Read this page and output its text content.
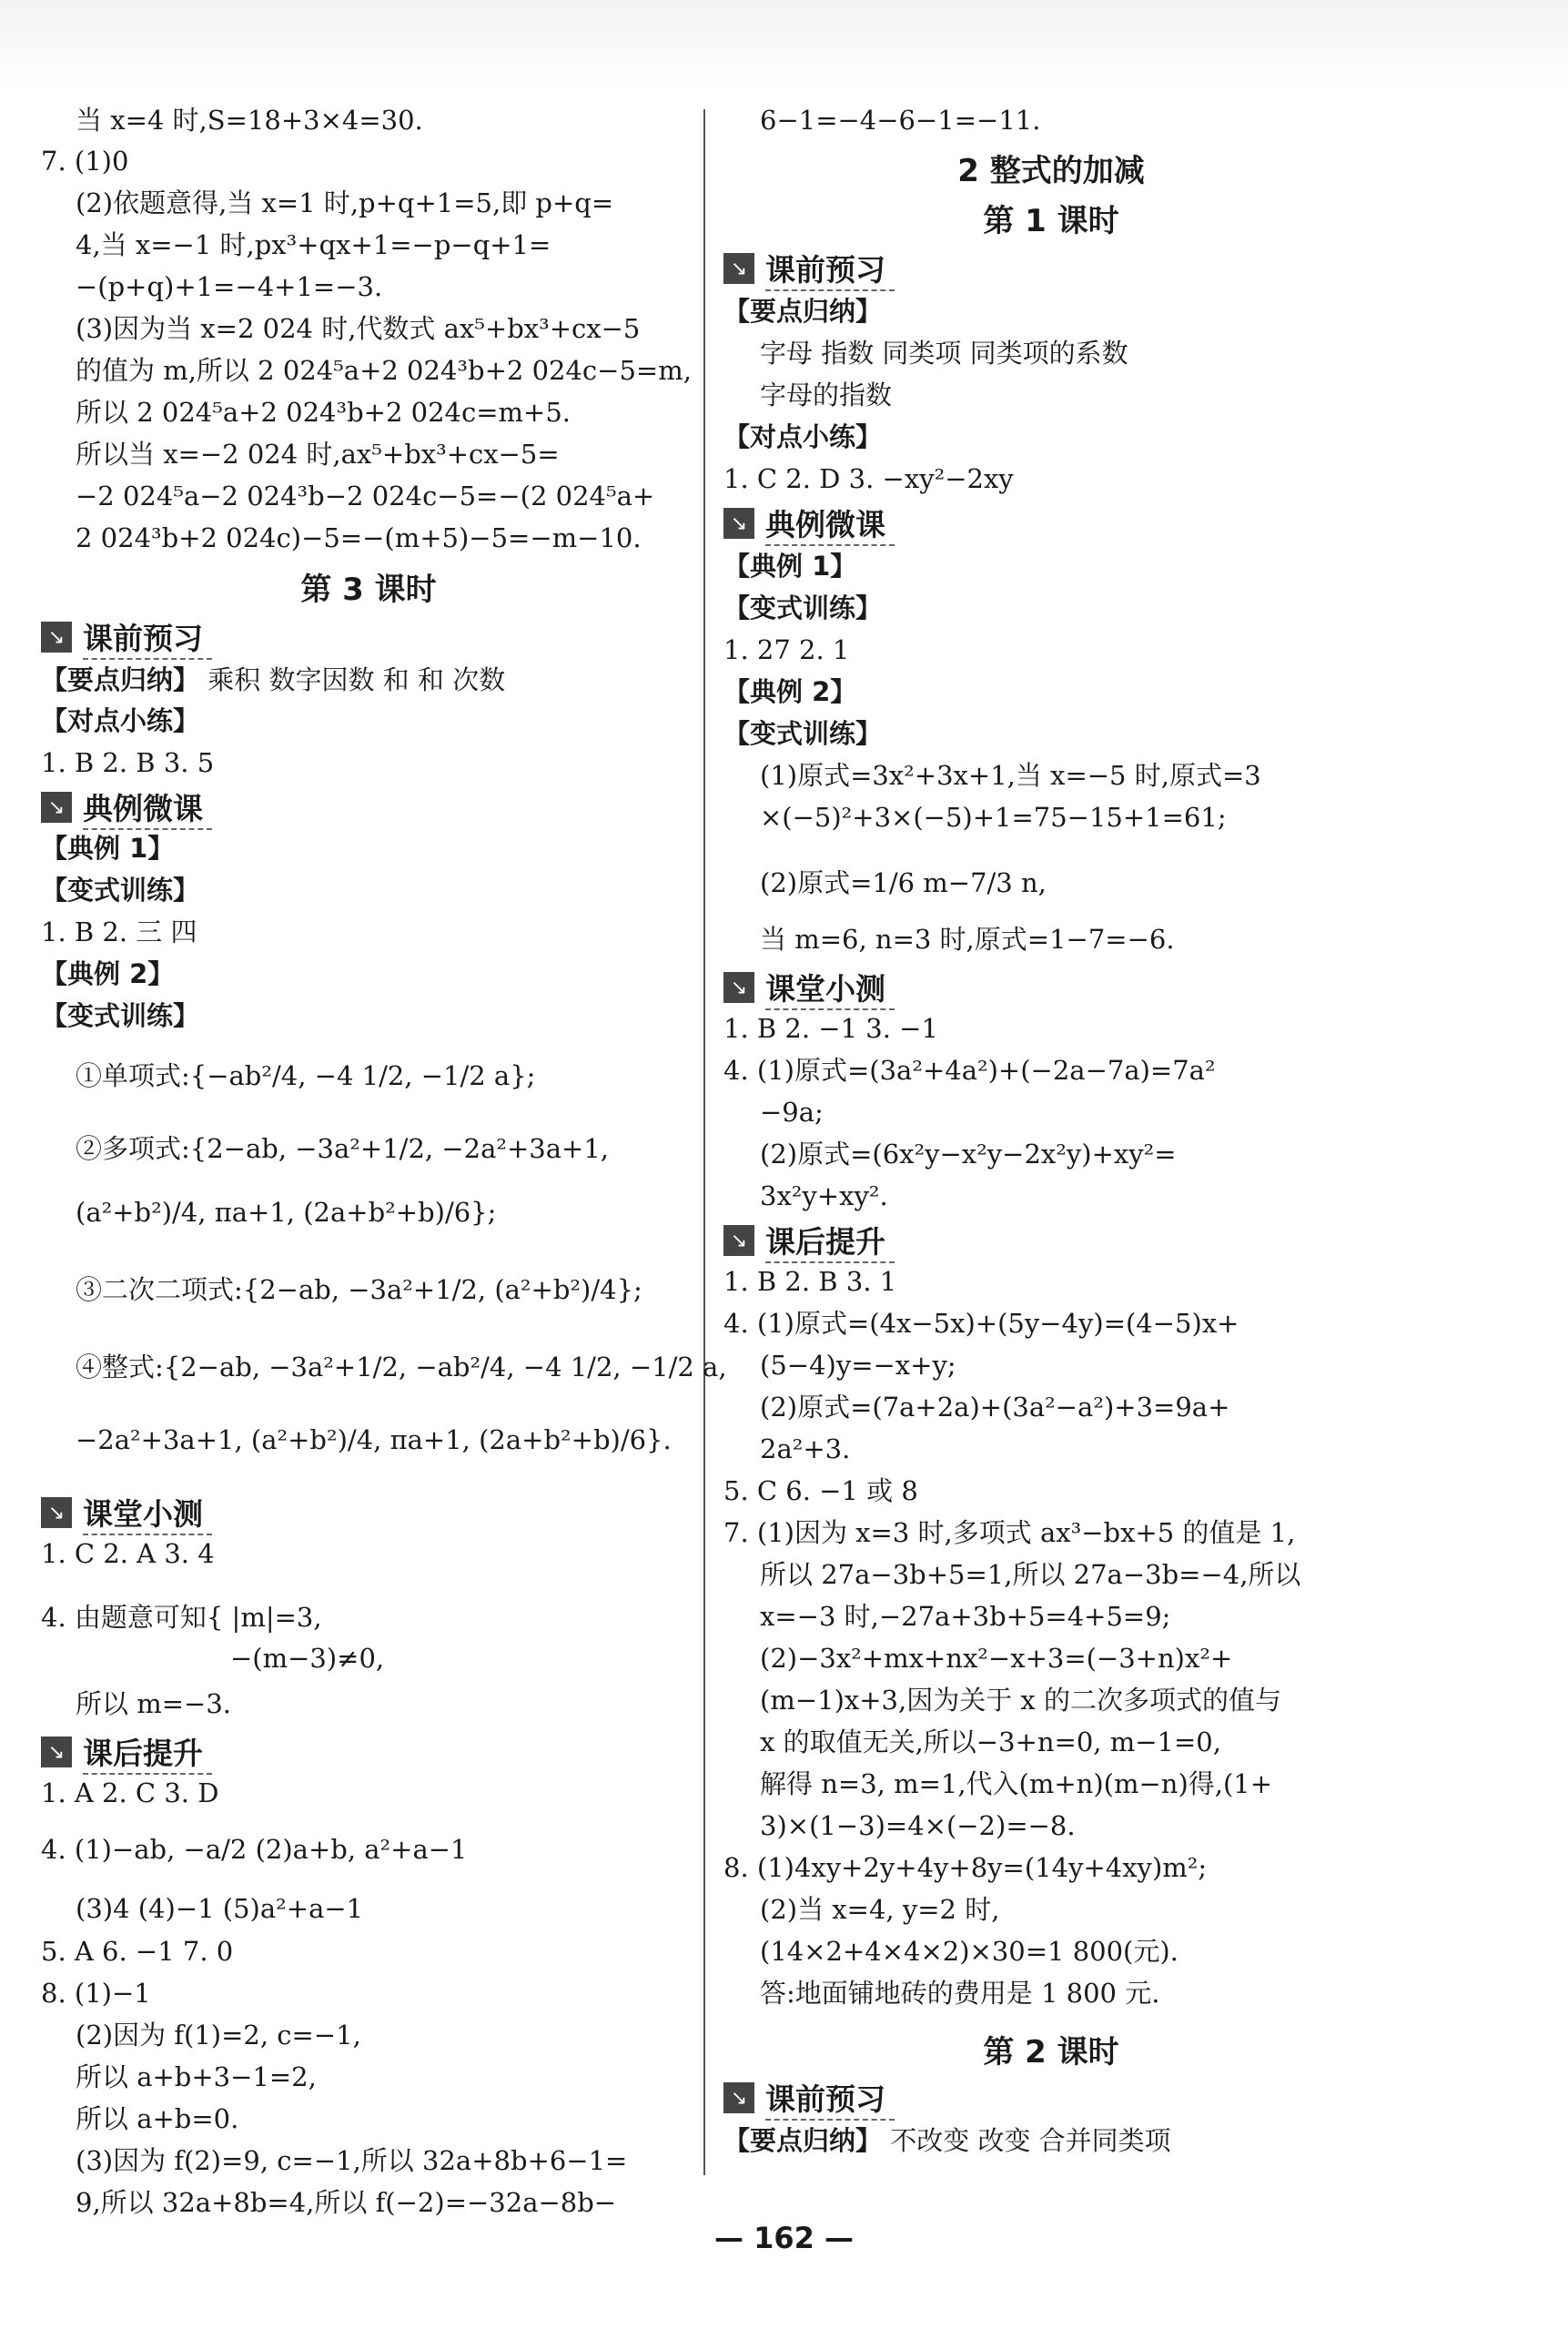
当 x=4 时,S=18+3×4=30.
7. (1)0
(2)依题意得,当 x=1 时,p+q+1=5,即 p+q=
4,当 x=−1 时,px³+qx+1=−p−q+1=
−(p+q)+1=−4+1=−3.
(3)因为当 x=2 024 时,代数式 ax⁵+bx³+cx−5
的值为 m,所以 2 024⁵a+2 024³b+2 024c−5=m,
所以 2 024⁵a+2 024³b+2 024c=m+5.
所以当 x=−2 024 时,ax⁵+bx³+cx−5=
−2 024⁵a−2 024³b−2 024c−5=−(2 024⁵a+
2 024³b+2 024c)−5=−(m+5)−5=−m−10.
第 3 课时
↘ 课前预习
【要点归纳】 乘积 数字因数 和 和 次数
【对点小练】
1. B 2. B 3. 5
↘ 典例微课
【典例 1】
【变式训练】
1. B 2. 三 四
【典例 2】
【变式训练】
①单项式:{−ab²/4, −4 1/2, −1/2 a};
②多项式:{2−ab, −3a²+1/2, −2a²+3a+1,
(a²+b²)/4, πa+1, (2a+b²+b)/6};
③二次二项式:{2−ab, −3a²+1/2, (a²+b²)/4};
④整式:{2−ab, −3a²+1/2, −ab²/4, −4 1/2, −1/2 a,
−2a²+3a+1, (a²+b²)/4, πa+1, (2a+b²+b)/6}.
↘ 课堂小测
1. C 2. A 3. 4
4. 由题意可知{ |m|=3,
−(m−3)≠0,
所以 m=−3.
↘ 课后提升
1. A 2. C 3. D
4. (1)−ab, −a/2 (2)a+b, a²+a−1
(3)4 (4)−1 (5)a²+a−1
5. A 6. −1 7. 0
8. (1)−1
(2)因为 f(1)=2, c=−1,
所以 a+b+3−1=2,
所以 a+b=0.
(3)因为 f(2)=9, c=−1,所以 32a+8b+6−1=
9,所以 32a+8b=4,所以 f(−2)=−32a−8b−
6−1=−4−6−1=−11.
2 整式的加减
第 1 课时
↘ 课前预习
【要点归纳】
字母 指数 同类项 同类项的系数
字母的指数
【对点小练】
1. C 2. D 3. −xy²−2xy
↘ 典例微课
【典例 1】
【变式训练】
1. 27 2. 1
【典例 2】
【变式训练】
(1)原式=3x²+3x+1,当 x=−5 时,原式=3
×(−5)²+3×(−5)+1=75−15+1=61;
(2)原式=1/6 m−7/3 n,
当 m=6, n=3 时,原式=1−7=−6.
↘ 课堂小测
1. B 2. −1 3. −1
4. (1)原式=(3a²+4a²)+(−2a−7a)=7a²
−9a;
(2)原式=(6x²y−x²y−2x²y)+xy²=
3x²y+xy².
↘ 课后提升
1. B 2. B 3. 1
4. (1)原式=(4x−5x)+(5y−4y)=(4−5)x+
(5−4)y=−x+y;
(2)原式=(7a+2a)+(3a²−a²)+3=9a+
2a²+3.
5. C 6. −1 或 8
7. (1)因为 x=3 时,多项式 ax³−bx+5 的值是 1,
所以 27a−3b+5=1,所以 27a−3b=−4,所以
x=−3 时,−27a+3b+5=4+5=9;
(2)−3x²+mx+nx²−x+3=(−3+n)x²+
(m−1)x+3,因为关于 x 的二次多项式的值与
x 的取值无关,所以−3+n=0, m−1=0,
解得 n=3, m=1,代入(m+n)(m−n)得,(1+
3)×(1−3)=4×(−2)=−8.
8. (1)4xy+2y+4y+8y=(14y+4xy)m²;
(2)当 x=4, y=2 时,
(14×2+4×4×2)×30=1 800(元).
答:地面铺地砖的费用是 1 800 元.
第 2 课时
↘ 课前预习
【要点归纳】 不改变 改变 合并同类项
— 162 —
